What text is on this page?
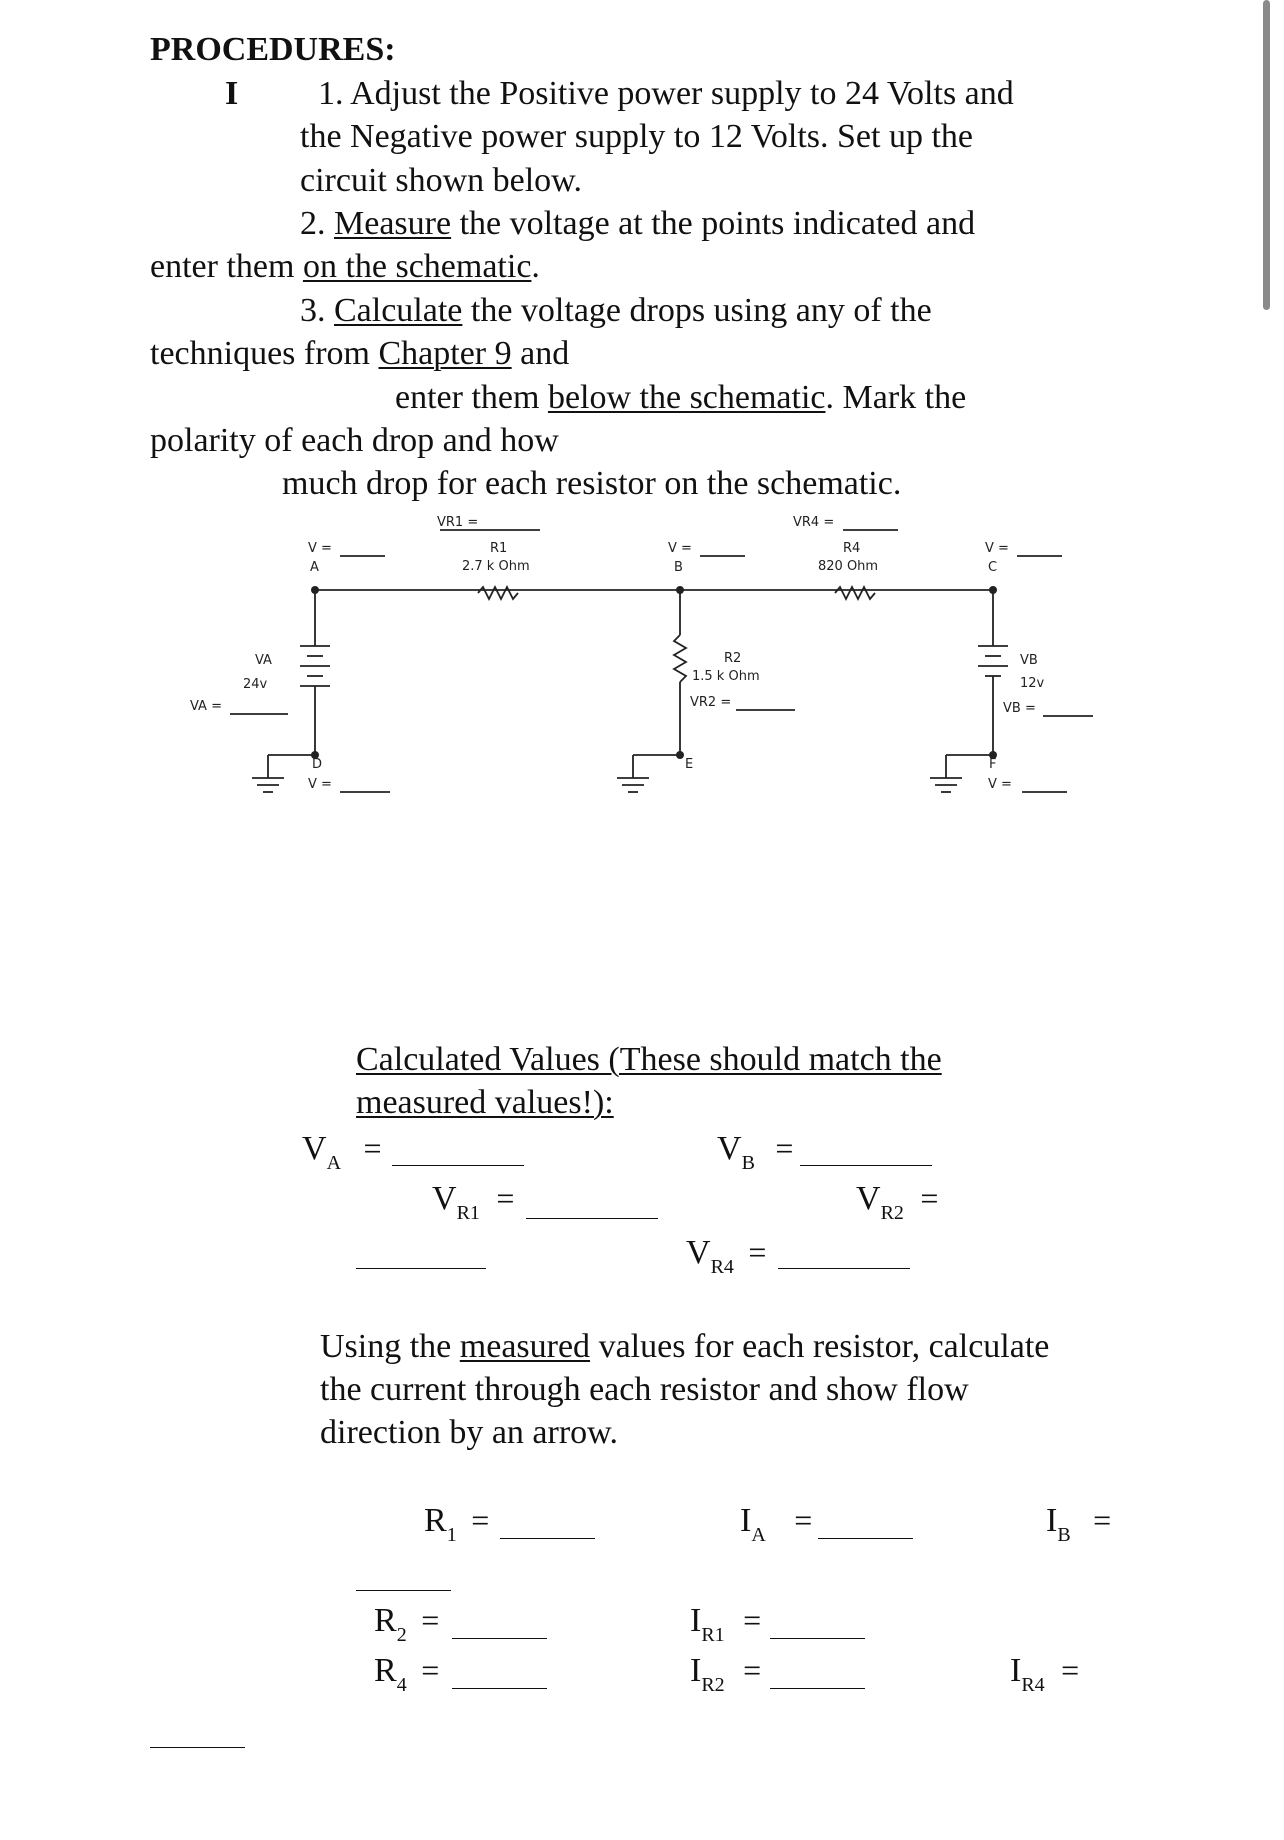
PROCEDURES:
I 1. Adjust the Positive power supply to 24 Volts and
the Negative power supply to 12 Volts. Set up the
circuit shown below.
2. Measure the voltage at the points indicated and
enter them on the schematic.
3. Calculate the voltage drops using any of the
techniques from Chapter 9 and
enter them below the schematic. Mark the
polarity of each drop and how
much drop for each resistor on the schematic.
VR1 =	VR4 =
V =
A
V =
B
V =
C
R1
2.7 k Ohm
R4
820 Ohm
R2
1.5 k Ohm
VR2 =
VA
24v
VA =
VB
12v
VB =
D
V =
E	F
V =
Calculated Values (These should match the
measured values!):
$V_A$ =	$V_B$ =
$V_{R1}$ =	$V_{R2}$ =
$V_{R4}$ =
Using the measured values for each resistor, calculate
the current through each resistor and show flow
direction by an arrow.
$R_1$ =	$I_A$ =	$I_B$ =
$R_2$ =	$I_{R1}$ =
$R_4$ =	$I_{R2}$ =	$I_{R4}$ =
